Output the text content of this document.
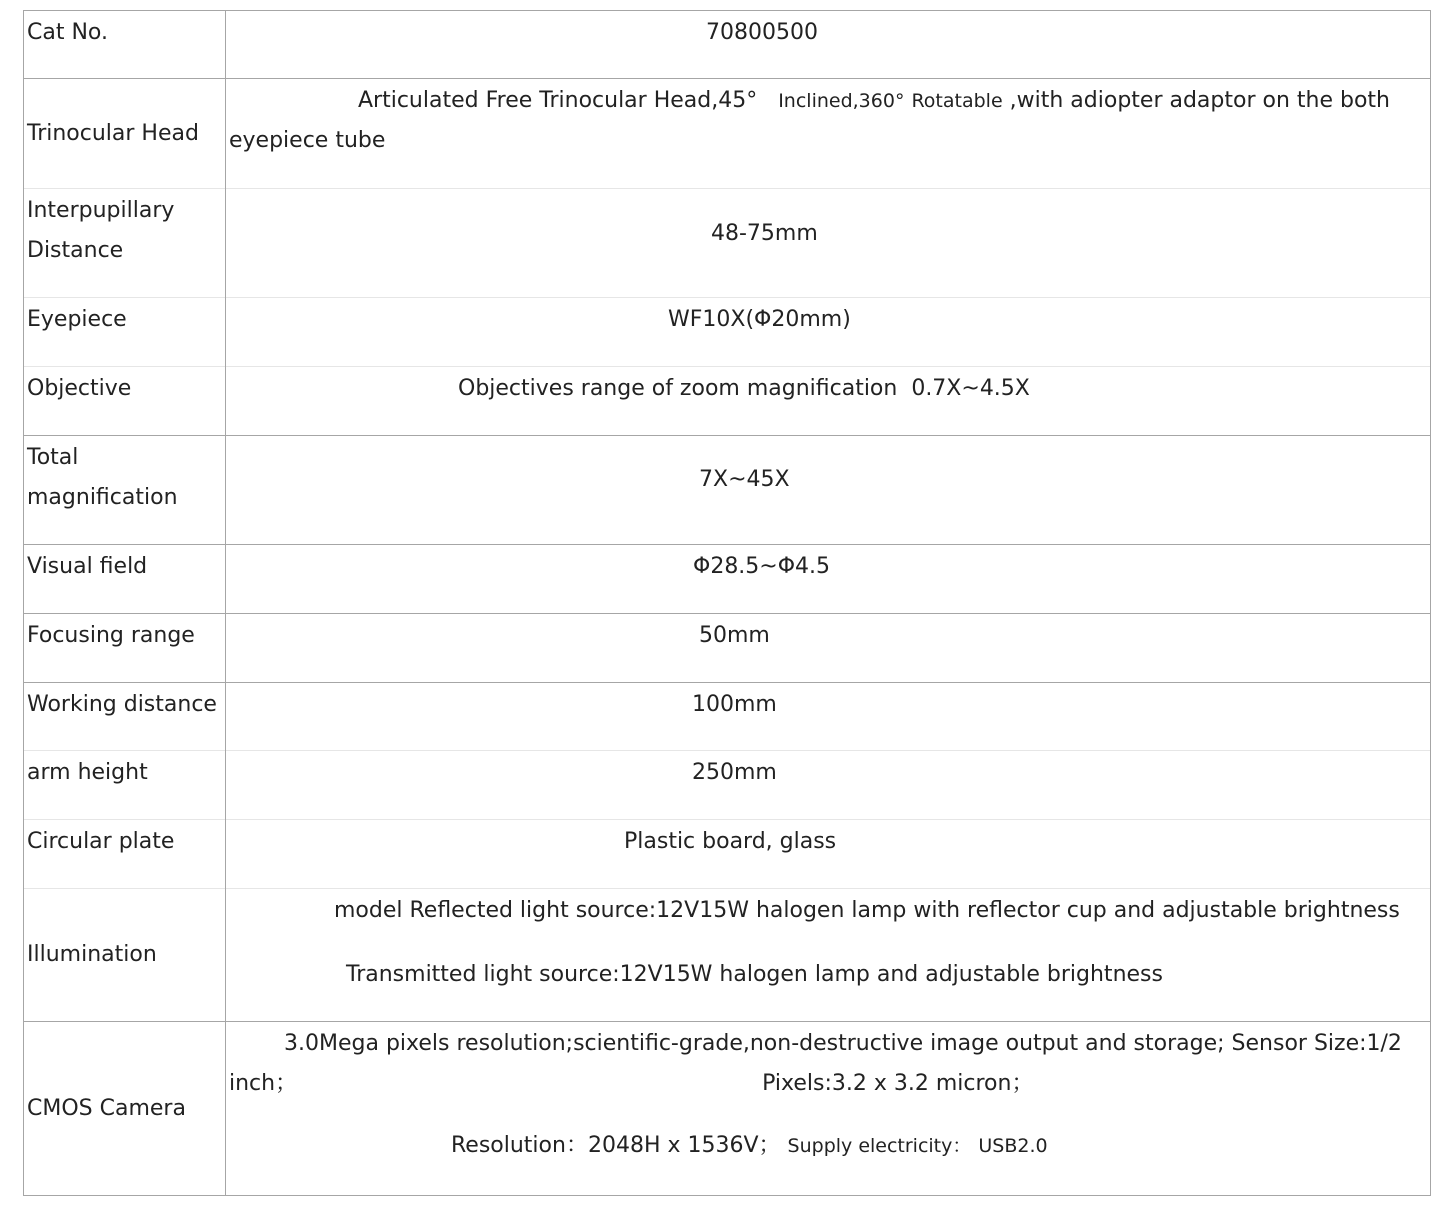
Cat No.	70800500

Trinocular Head	Articulated Free Trinocular Head,45° Inclined,360° Rotatable ,with adiopter adaptor on the both
eyepiece tube

Interpupillary Distance	48-75mm

Eyepiece	WF10X(Φ20mm)

Objective	Objectives range of zoom magnification  0.7X~4.5X

Total magnification	7X~45X

Visual field	Φ28.5~Φ4.5

Focusing range	50mm

Working distance	100mm

arm height	250mm

Circular plate	Plastic board, glass

Illumination	model Reflected light source:12V15W halogen lamp with reflector cup and adjustable brightness
Transmitted light source:12V15W halogen lamp and adjustable brightness

CMOS Camera	3.0Mega pixels resolution;scientific-grade,non-destructive image output and storage; Sensor Size:1/2
inch； Pixels:3.2 x 3.2 micron；
Resolution：2048H x 1536V； Supply electricity： USB2.0
